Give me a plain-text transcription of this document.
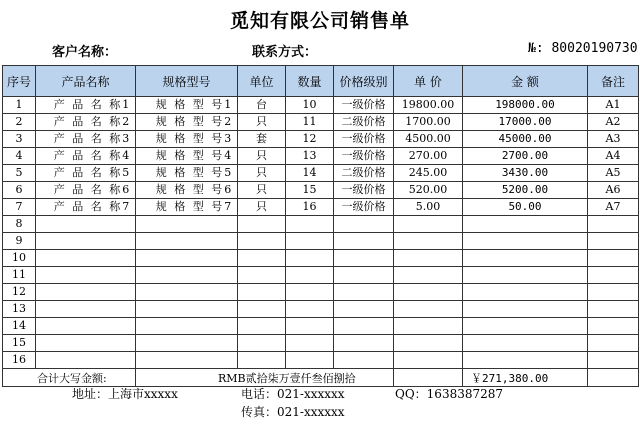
觅知有限公司销售单
客户名称：	联系方式：	№: 80020190730
序号	产品名称	规格型号	单位	数量	价格级别	单 价	金 额	备注
1	产 品 名 称1	规 格 型 号1	台	10	一级价格	19800.00	198000.00	A1
2	产 品 名 称2	规 格 型 号2	只	11	二级价格	1700.00	17000.00	A2
3	产 品 名 称3	规 格 型 号3	套	12	一级价格	4500.00	45000.00	A3
4	产 品 名 称4	规 格 型 号4	只	13	一级价格	270.00	2700.00	A4
5	产 品 名 称5	规 格 型 号5	只	14	二级价格	245.00	3430.00	A5
6	产 品 名 称6	规 格 型 号6	只	15	一级价格	520.00	5200.00	A6
7	产 品 名 称7	规 格 型 号7	只	16	一级价格	5.00	50.00	A7
8								
9								
10								
11								
12								
13								
14								
15								
16								
合计大写金额:		RMB贰拾柒万壹仟叁佰捌拾					￥271,380.00	
地址：上海市xxxxx	电话：021-xxxxxx	QQ：1638387287
传真：021-xxxxxx
